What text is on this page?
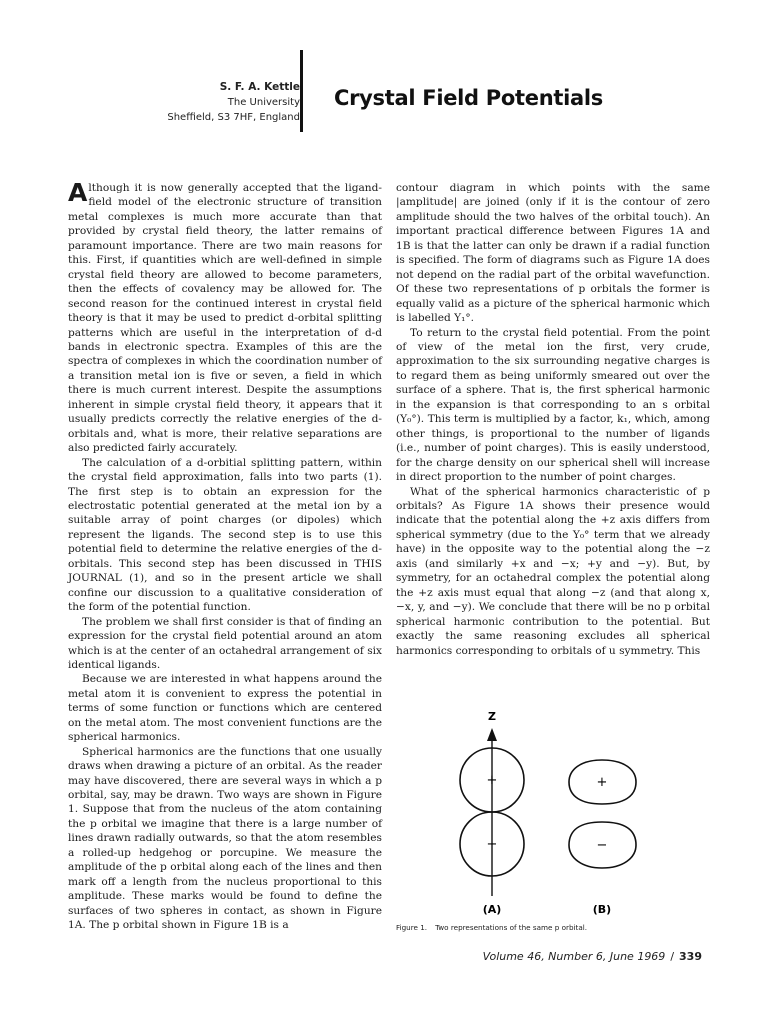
S. F. A. Kettle
The University
Sheffield, S3 7HF, England
Crystal Field Potentials

Although it is now generally accepted that the ligand-field model of the electronic structure of transition metal complexes is much more accurate than that provided by crystal field theory, the latter remains of paramount importance. There are two main reasons for this. First, if quantities which are well-defined in simple crystal field theory are allowed to become parameters, then the effects of covalency may be allowed for. The second reason for the continued interest in crystal field theory is that it may be used to predict d-orbital splitting patterns which are useful in the interpretation of d-d bands in electronic spectra. Examples of this are the spectra of complexes in which the coordination number of a transition metal ion is five or seven, a field in which there is much current interest. Despite the assumptions inherent in simple crystal field theory, it appears that it usually predicts correctly the relative energies of the d-orbitals and, what is more, their relative separations are also predicted fairly accurately.

The calculation of a d-orbitial splitting pattern, within the crystal field approximation, falls into two parts (1). The first step is to obtain an expression for the electrostatic potential generated at the metal ion by a suitable array of point charges (or dipoles) which represent the ligands. The second step is to use this potential field to determine the relative energies of the d-orbitals. This second step has been discussed in THIS JOURNAL (1), and so in the present article we shall confine our discussion to a qualitative consideration of the form of the potential function.

The problem we shall first consider is that of finding an expression for the crystal field potential around an atom which is at the center of an octahedral arrangement of six identical ligands.

Because we are interested in what happens around the metal atom it is convenient to express the potential in terms of some function or functions which are centered on the metal atom. The most convenient functions are the spherical harmonics.

Spherical harmonics are the functions that one usually draws when drawing a picture of an orbital. As the reader may have discovered, there are several ways in which a p orbital, say, may be drawn. Two ways are shown in Figure 1. Suppose that from the nucleus of the atom containing the p orbital we imagine that there is a large number of lines drawn radially outwards, so that the atom resembles a rolled-up hedgehog or porcupine. We measure the amplitude of the p orbital along each of the lines and then mark off a length from the nucleus proportional to this amplitude. These marks would be found to define the surfaces of two spheres in contact, as shown in Figure 1A. The p orbital shown in Figure 1B is a

contour diagram in which points with the same |amplitude| are joined (only if it is the contour of zero amplitude should the two halves of the orbital touch). An important practical difference between Figures 1A and 1B is that the latter can only be drawn if a radial function is specified. The form of diagrams such as Figure 1A does not depend on the radial part of the orbital wavefunction. Of these two representations of p orbitals the former is equally valid as a picture of the spherical harmonic which is labelled Y₁°.

To return to the crystal field potential. From the point of view of the metal ion the first, very crude, approximation to the six surrounding negative charges is to regard them as being uniformly smeared out over the surface of a sphere. That is, the first spherical harmonic in the expansion is that corresponding to an s orbital (Y₀°). This term is multiplied by a factor, k₁, which, among other things, is proportional to the number of ligands (i.e., number of point charges). This is easily understood, for the charge density on our spherical shell will increase in direct proportion to the number of point charges.

What of the spherical harmonics characteristic of p orbitals? As Figure 1A shows their presence would indicate that the potential along the +z axis differs from spherical symmetry (due to the Y₀° term that we already have) in the opposite way to the potential along the −z axis (and similarly +x and −x; +y and −y). But, by symmetry, for an octahedral complex the potential along the +z axis must equal that along −z (and that along x, −x, y, and −y). We conclude that there will be no p orbital spherical harmonic contribution to the potential. But exactly the same reasoning excludes all spherical harmonics corresponding to orbitals of u symmetry. This

+
−
+
−
Z
(A)	(B)
Figure 1. Two representations of the same p orbital.
Volume 46, Number 6, June 1969 / 339
